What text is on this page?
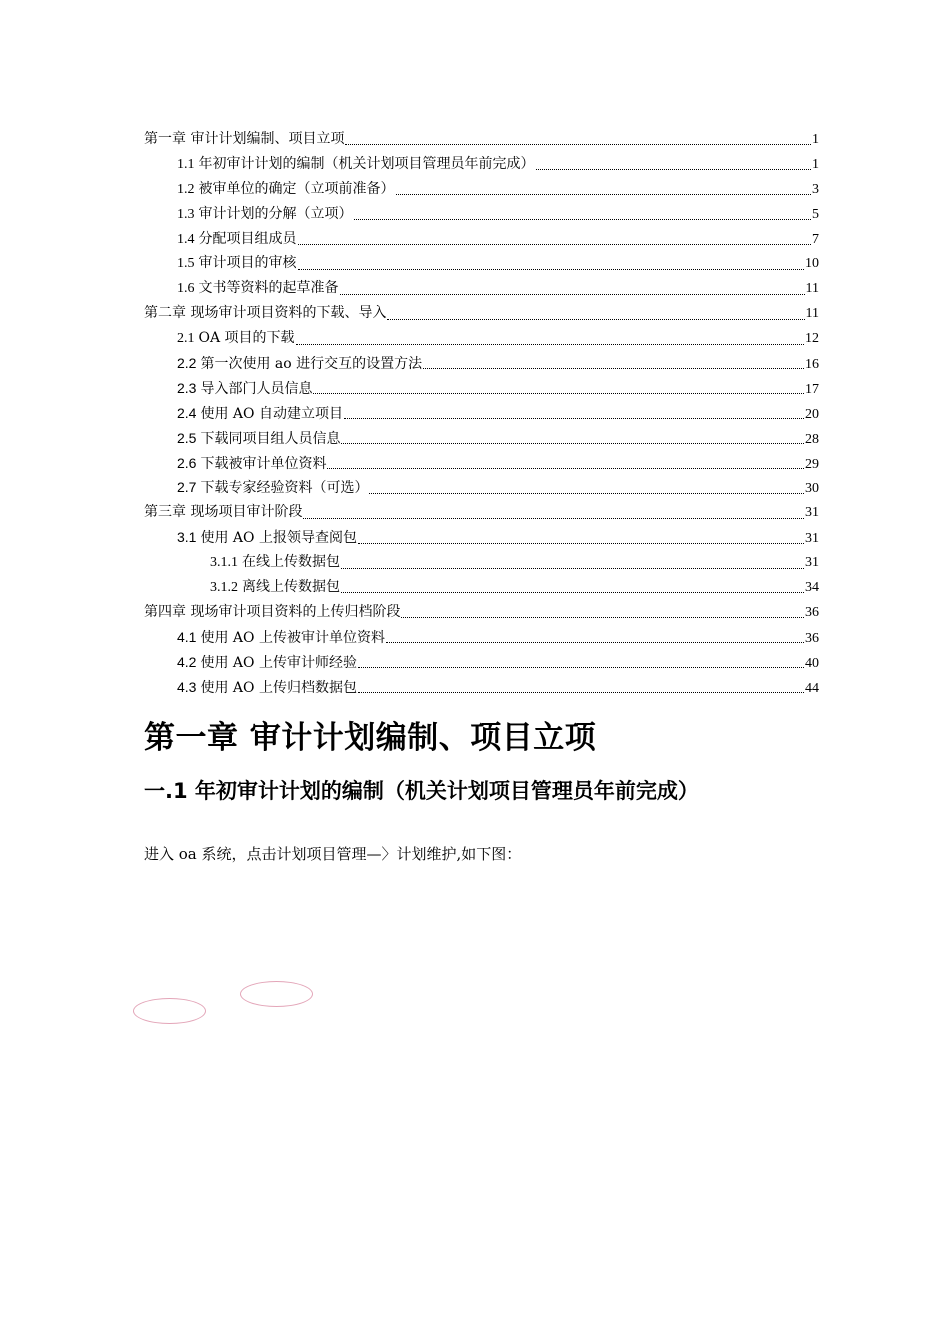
第一章 审计计划编制、项目立项	1
1.1 年初审计计划的编制（机关计划项目管理员年前完成）	1
1.2 被审单位的确定（立项前准备）	3
1.3 审计计划的分解（立项）	5
1.4 分配项目组成员	7
1.5 审计项目的审核	10
1.6 文书等资料的起草准备	11
第二章 现场审计项目资料的下载、导入	11
2.1 OA 项目的下载	12
2.2 第一次使用 ao 进行交互的设置方法	16
2.3 导入部门人员信息	17
2.4 使用 AO 自动建立项目	20
2.5 下载同项目组人员信息	28
2.6 下载被审计单位资料	29
2.7 下载专家经验资料（可选）	30
第三章 现场项目审计阶段	31
3.1 使用 AO 上报领导查阅包	31
3.1.1 在线上传数据包	31
3.1.2 离线上传数据包	34
第四章 现场审计项目资料的上传归档阶段	36
4.1 使用 AO 上传被审计单位资料	36
4.2 使用 AO 上传审计师经验	40
4.3 使用 AO 上传归档数据包	44
第一章 审计计划编制、项目立项
一.1 年初审计计划的编制（机关计划项目管理员年前完成）
进入 oa 系统，点击计划项目管理—〉计划维护,如下图：
